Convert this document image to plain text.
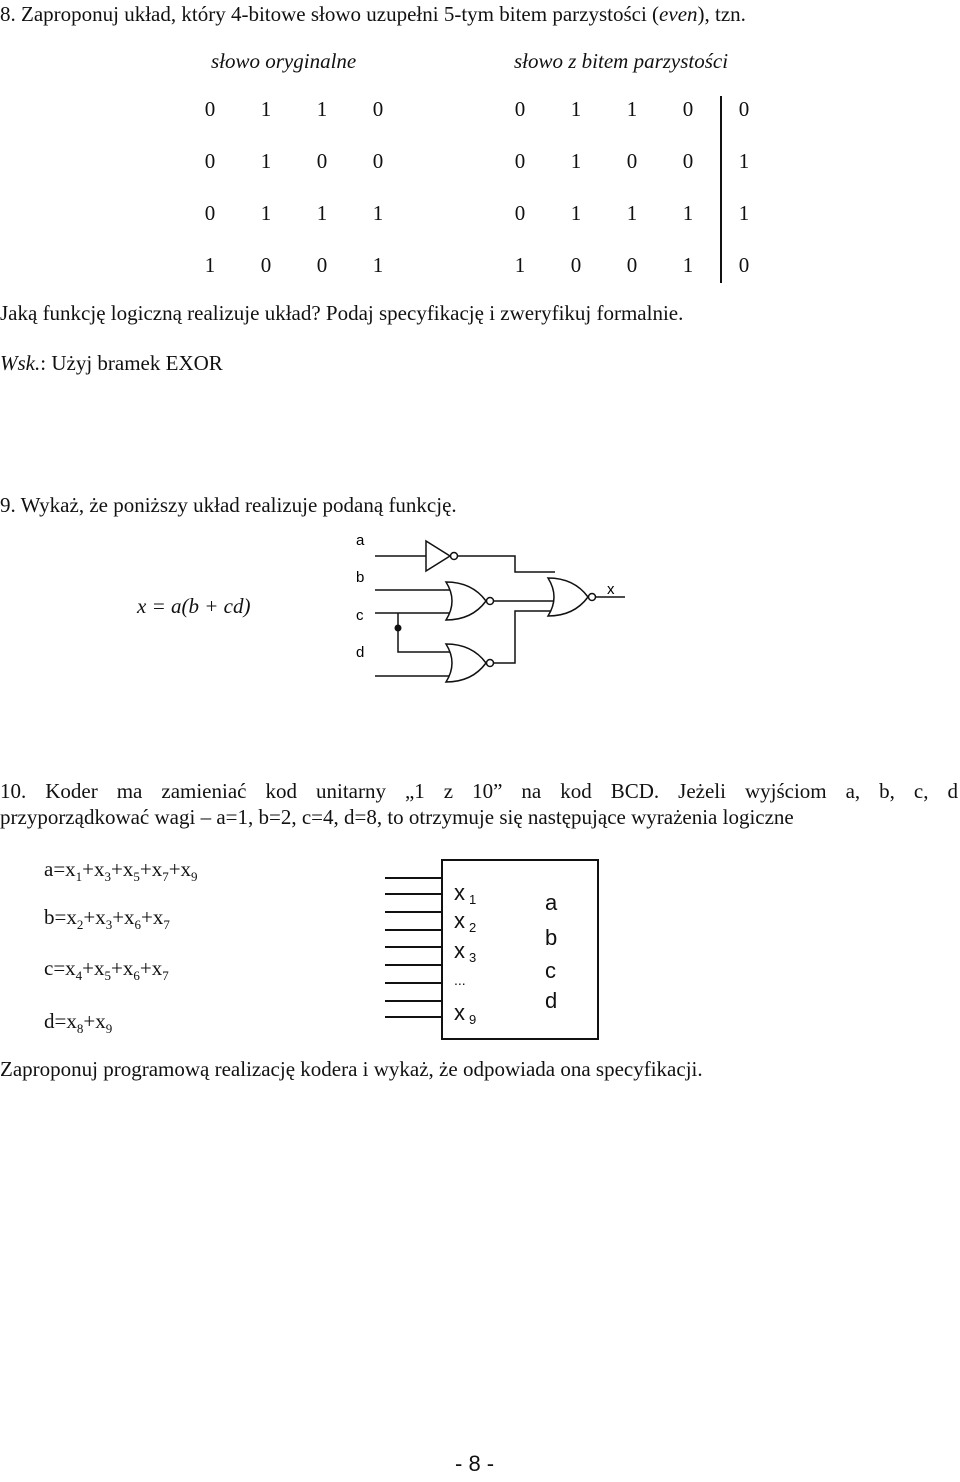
8. Zaproponuj układ, który 4-bitowe słowo uzupełni 5-tym bitem parzystości (even), tzn.
słowo oryginalne	słowo z bitem parzystości
0 1 1 0	0 1 1 0 0
0 1 0 0	0 1 0 0 1
0 1 1 1	0 1 1 1 1
1 0 0 1	1 0 0 1 0
Jaką funkcję logiczną realizuje układ? Podaj specyfikację i zweryfikuj formalnie.
Wsk.: Użyj bramek EXOR
9. Wykaż, że poniższy układ realizuje podaną funkcję.
x = a(b + cd)
a
b
c
d
x
10. Koder ma zamieniać kod unitarny „1 z 10” na kod BCD. Jeżeli wyjściom a, b, c, d
przyporządkować wagi – a=1, b=2, c=4, d=8, to otrzymuje się następujące wyrażenia logiczne
$a=x_1+x_3+x_5+x_7+x_9$
$b=x_2+x_3+x_6+x_7$
$c=x_4+x_5+x_6+x_7$
$d=x_8+x_9$
x 1
x 2
x 3
...
x 9
a
b
c
d
Zaproponuj programową realizację kodera i wykaż, że odpowiada ona specyfikacji.
- 8 -
